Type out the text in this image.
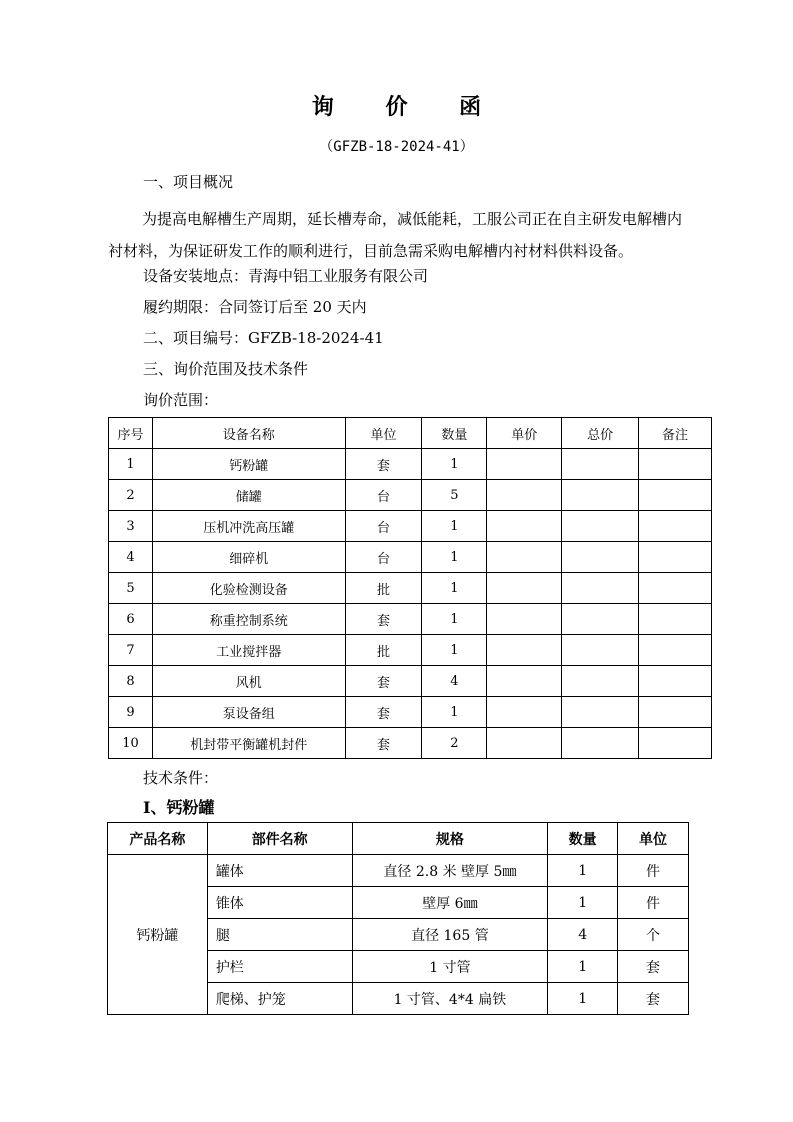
询 价 函
（GFZB-18-2024-41）
一、项目概况
为提高电解槽生产周期，延长槽寿命，减低能耗，工服公司正在自主研发电解槽内衬材料，为保证研发工作的顺利进行，目前急需采购电解槽内衬材料供料设备。
设备安装地点：青海中铝工业服务有限公司
履约期限：合同签订后至 20 天内
二、项目编号：GFZB-18-2024-41
三、询价范围及技术条件
询价范围：
序号	设备名称	单位	数量	单价	总价	备注
1	钙粉罐	套	1			
2	储罐	台	5			
3	压机冲洗高压罐	台	1			
4	细碎机	台	1			
5	化验检测设备	批	1			
6	称重控制系统	套	1			
7	工业搅拌器	批	1			
8	风机	套	4			
9	泵设备组	套	1			
10	机封带平衡罐机封件	套	2			
技术条件：
Ⅰ、钙粉罐
产品名称	部件名称	规格	数量	单位
钙粉罐	罐体	直径 2.8 米 壁厚 5㎜	1	件
	锥体	壁厚 6㎜	1	件
	腿	直径 165 管	4	个
	护栏	1 寸管	1	套
	爬梯、护笼	1 寸管、4*4 扁铁	1	套
